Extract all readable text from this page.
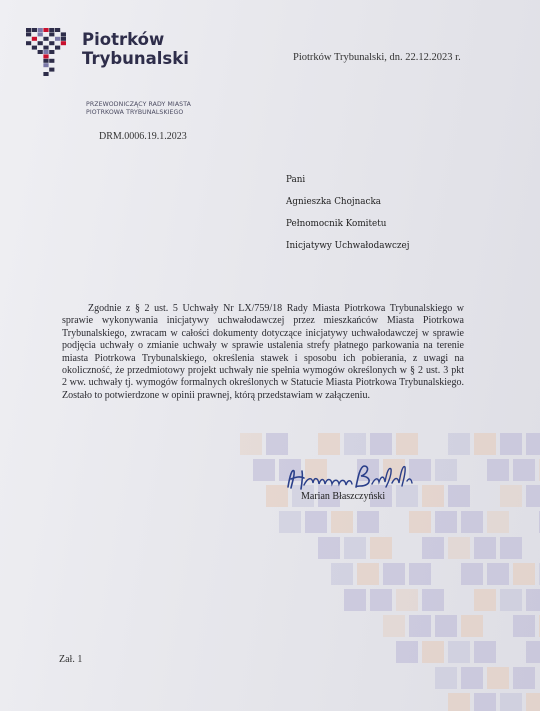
Piotrków
Trybunalski	Piotrków Trybunalski, dn. 22.12.2023 r.
PRZEWODNICZĄCY RADY MIASTA
PIOTRKOWA TRYBUNALSKIEGO
DRM.0006.19.1.2023
Pani
Agnieszka Chojnacka
Pełnomocnik Komitetu
Inicjatywy Uchwałodawczej
Zgodnie z § 2 ust. 5 Uchwały Nr LX/759/18 Rady Miasta Piotrkowa Trybunalskiego w sprawie wykonywania inicjatywy uchwałodawczej przez mieszkańców Miasta Piotrkowa Trybunalskiego, zwracam w całości dokumenty dotyczące inicjatywy uchwałodawczej w sprawie podjęcia uchwały o zmianie uchwały w sprawie ustalenia strefy płatnego parkowania na terenie miasta Piotrkowa Trybunalskiego, określenia stawek i sposobu ich pobierania, z uwagi na okoliczność, że przedmiotowy projekt uchwały nie spełnia wymogów określonych w § 2 ust. 3 pkt 2 ww. uchwały tj. wymogów formalnych określonych w Statucie Miasta Piotrkowa Trybunalskiego. Zostało to potwierdzone w opinii prawnej, którą przedstawiam w załączeniu.
Marian Błaszczyński
Zał. 1
